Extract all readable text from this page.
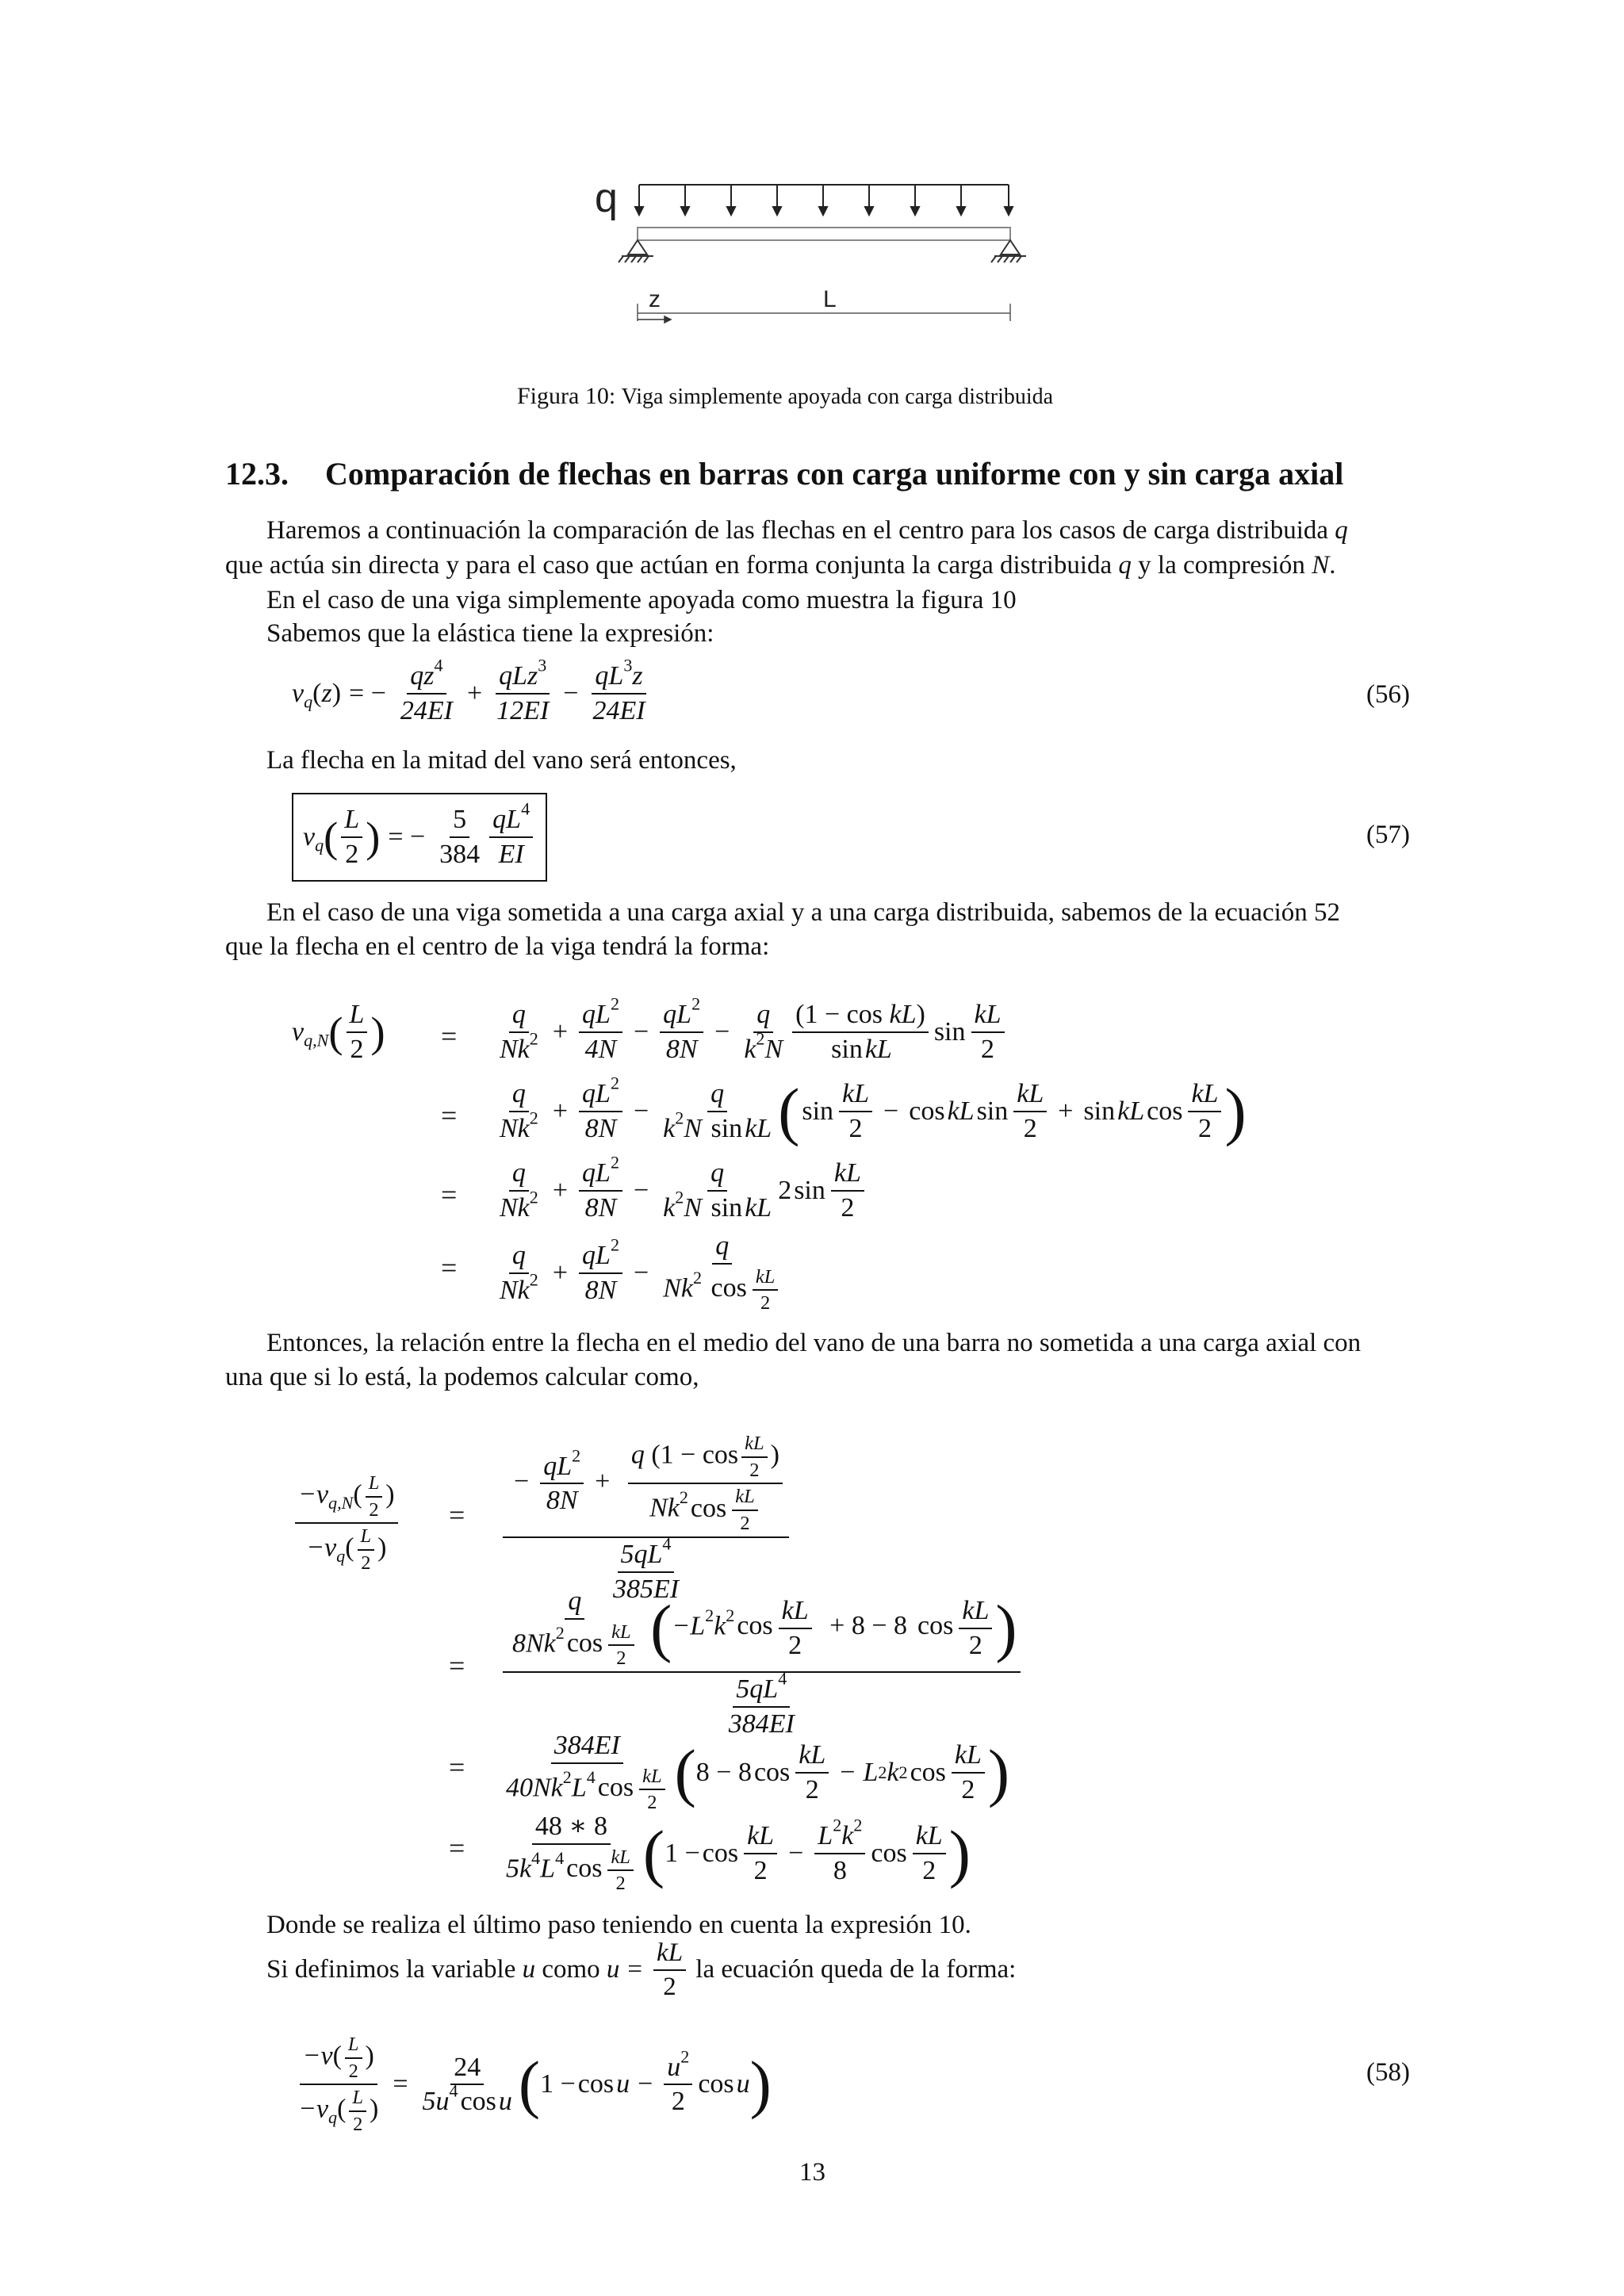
q
z	L
Figura 10: Viga simplemente apoyada con carga distribuida
12.3. Comparación de flechas en barras con carga uniforme con y sin carga axial
Haremos a continuación la comparación de las flechas en el centro para los casos de carga distribuida q
que actúa sin directa y para el caso que actúan en forma conjunta la carga distribuida q y la compresión N.
En el caso de una viga simplemente apoyada como muestra la figura 10
Sabemos que la elástica tiene la expresión:
$\nu_q(z)$ = − $\frac{qz^4}{24EI} + \frac{qLz^3}{12EI} - \frac{qL^3z}{24EI}$	(56)
La flecha en la mitad del vano será entonces,
$\nu_q$ ( $\frac{L}{2}$ ) = − $\frac{5}{384} \frac{qL^4}{EI}$	(57)
En el caso de una viga sometida a una carga axial y a una carga distribuida, sabemos de la ecuación 52
que la flecha en el centro de la viga tendrá la forma:
$\nu_{q,N}$ ( $\frac{L}{2}$ ) = $\frac{q}{Nk^2} + \frac{qL^2}{4N} - \frac{qL^2}{8N} - \frac{q}{k^2N} \frac{\text{(1 − cos kL)}}{\text{sinkL}}$ $\sin \frac{kL}{2}$
= $\frac{q}{Nk^2} + \frac{qL^2}{8N} - \frac{q}{k^2N sinkL}$ ( $\sin \frac{kL}{2} - \cos$ kL $\sin \frac{kL}{2} + \sin$ kL $\cos \frac{kL}{2}$ )
= $\frac{q}{Nk^2} + \frac{qL^2}{8N} - \frac{q}{k^2N sinkL} 2$ $\sin \frac{kL}{2}$
= $\frac{q}{Nk^2} + \frac{qL^2}{8N} - \frac{q}{Nk^2 \cos \frac{kL}{2}}$
Entonces, la relación entre la flecha en el medio del vano de una barra no sometida a una carga axial con
una que si lo está, la podemos calcular como,
$\frac{-\nu_{q,N}( \frac{L}{2} )}{-\nu_q( \frac{L}{2} )} = \frac{- \frac{qL^2}{8N} + \frac{q (1 - \cos \frac{kL}{2} )}{Nk^2\cos \frac{kL}{2}}}{\frac{5qL^4}{385EI}}$
= $\frac{\frac{q}{8Nk^2\cos \frac{kL}{2}} (-L^2k^2\cos \frac{kL}{2} + 8 - 8 \cos \frac{kL}{2} )}{\frac{5qL^4}{384EI}}$
= $\frac{384EI}{40Nk^2L^4\cos \frac{kL}{2}}$ ( 8 − 8 $\cos \frac{kL}{2} - L$ 2 k 2 $\cos \frac{kL}{2}$ )
= $\frac{48 ∗ 8}{5k^4L^4\cos \frac{kL}{2}}$ ( $1 - \cos \frac{kL}{2} - \frac{L^2k^2}{8}$ $\cos \frac{kL}{2}$ )
Donde se realiza el último paso teniendo en cuenta la expresión 10.
Si definimos la variable
u
como
$u = \frac{kL}{2}$
la ecuación queda de la forma:
$\frac{-\nu( \frac{L}{2} )}{-\nu_q( \frac{L}{2} )} = \frac{24}{5u^4\cos u}$ ( $1 - \cos u - \frac{u^2}{2}$ cos u )	(58)
13
